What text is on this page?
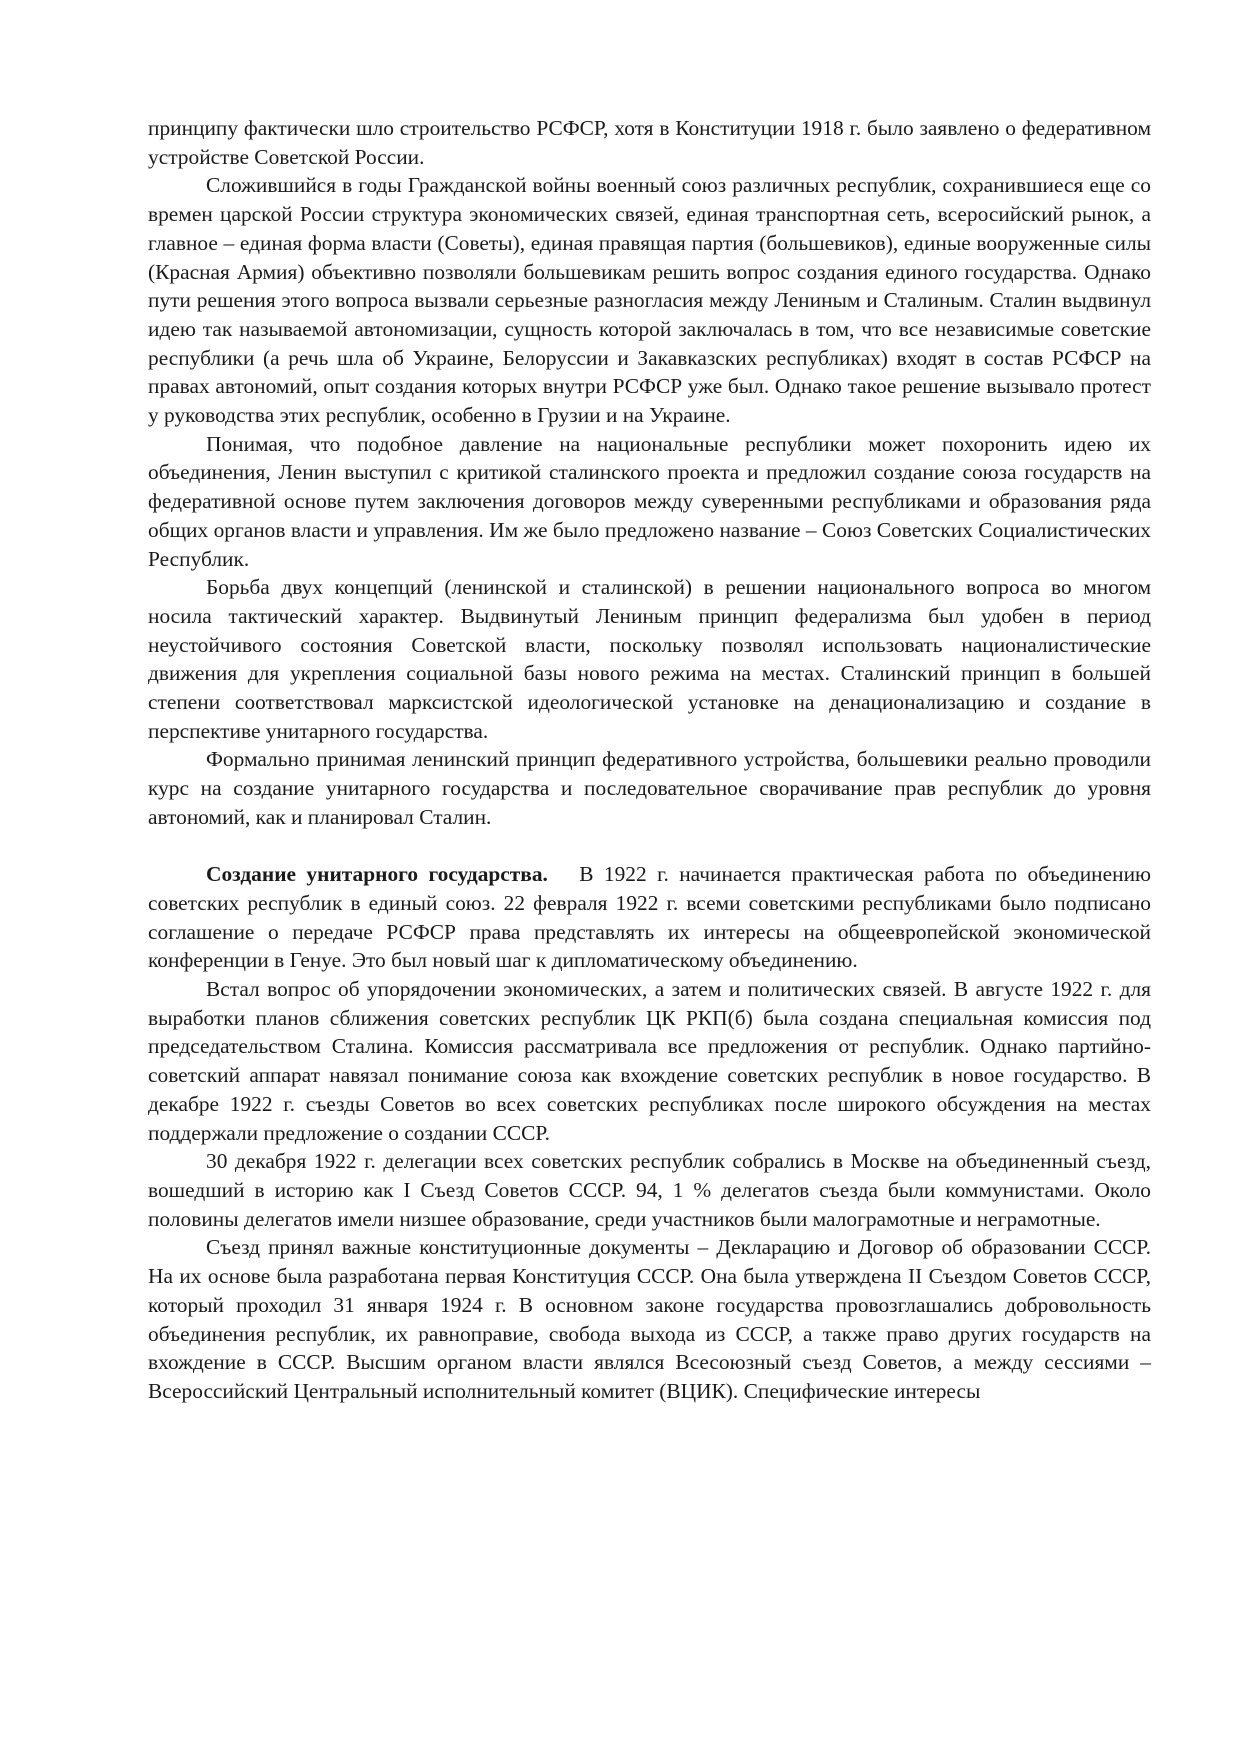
принципу фактически шло строительство РСФСР, хотя в Конституции 1918 г. было заявлено о федеративном устройстве Советской России.

Сложившийся в годы Гражданской войны военный союз различных республик, сохранившиеся еще со времен царской России структура экономических связей, единая транспортная сеть, всеросийский рынок, а главное – единая форма власти (Советы), единая правящая партия (большевиков), единые вооруженные силы (Красная Армия) объективно позволяли большевикам решить вопрос создания единого государства. Однако пути решения этого вопроса вызвали серьезные разногласия между Лениным и Сталиным. Сталин выдвинул идею так называемой автономизации, сущность которой заключалась в том, что все независимые советские республики (а речь шла об Украине, Белоруссии и Закавказских республиках) входят в состав РСФСР на правах автономий, опыт создания которых внутри РСФСР уже был. Однако такое решение вызывало протест у руководства этих республик, особенно в Грузии и на Украине.

Понимая, что подобное давление на национальные республики может похоронить идею их объединения, Ленин выступил с критикой сталинского проекта и предложил создание союза государств на федеративной основе путем заключения договоров между суверенными республиками и образования ряда общих органов власти и управления. Им же было предложено название – Союз Советских Социалистических Республик.

Борьба двух концепций (ленинской и сталинской) в решении национального вопроса во многом носила тактический характер. Выдвинутый Лениным принцип федерализма был удобен в период неустойчивого состояния Советской власти, поскольку позволял использовать националистические движения для укрепления социальной базы нового режима на местах. Сталинский принцип в большей степени соответствовал марксистской идеологической установке на денационализацию и создание в перспективе унитарного государства.

Формально принимая ленинский принцип федеративного устройства, большевики реально проводили курс на создание унитарного государства и последовательное сворачивание прав республик до уровня автономий, как и планировал Сталин.

Создание унитарного государства. В 1922 г. начинается практическая работа по объединению советских республик в единый союз. 22 февраля 1922 г. всеми советскими республиками было подписано соглашение о передаче РСФСР права представлять их интересы на общеевропейской экономической конференции в Генуе. Это был новый шаг к дипломатическому объединению.

Встал вопрос об упорядочении экономических, а затем и политических связей. В августе 1922 г. для выработки планов сближения советских республик ЦК РКП(б) была создана специальная комиссия под председательством Сталина. Комиссия рассматривала все предложения от республик. Однако партийно-советский аппарат навязал понимание союза как вхождение советских республик в новое государство. В декабре 1922 г. съезды Советов во всех советских республиках после широкого обсуждения на местах поддержали предложение о создании СССР.

30 декабря 1922 г. делегации всех советских республик собрались в Москве на объединенный съезд, вошедший в историю как I Съезд Советов СССР. 94, 1 % делегатов съезда были коммунистами. Около половины делегатов имели низшее образование, среди участников были малограмотные и неграмотные.

Съезд принял важные конституционные документы – Декларацию и Договор об образовании СССР. На их основе была разработана первая Конституция СССР. Она была утверждена II Съездом Советов СССР, который проходил 31 января 1924 г. В основном законе государства провозглашались добровольность объединения республик, их равноправие, свобода выхода из СССР, а также право других государств на вхождение в СССР. Высшим органом власти являлся Всесоюзный съезд Советов, а между сессиями – Всероссийский Центральный исполнительный комитет (ВЦИК). Специфические интересы
